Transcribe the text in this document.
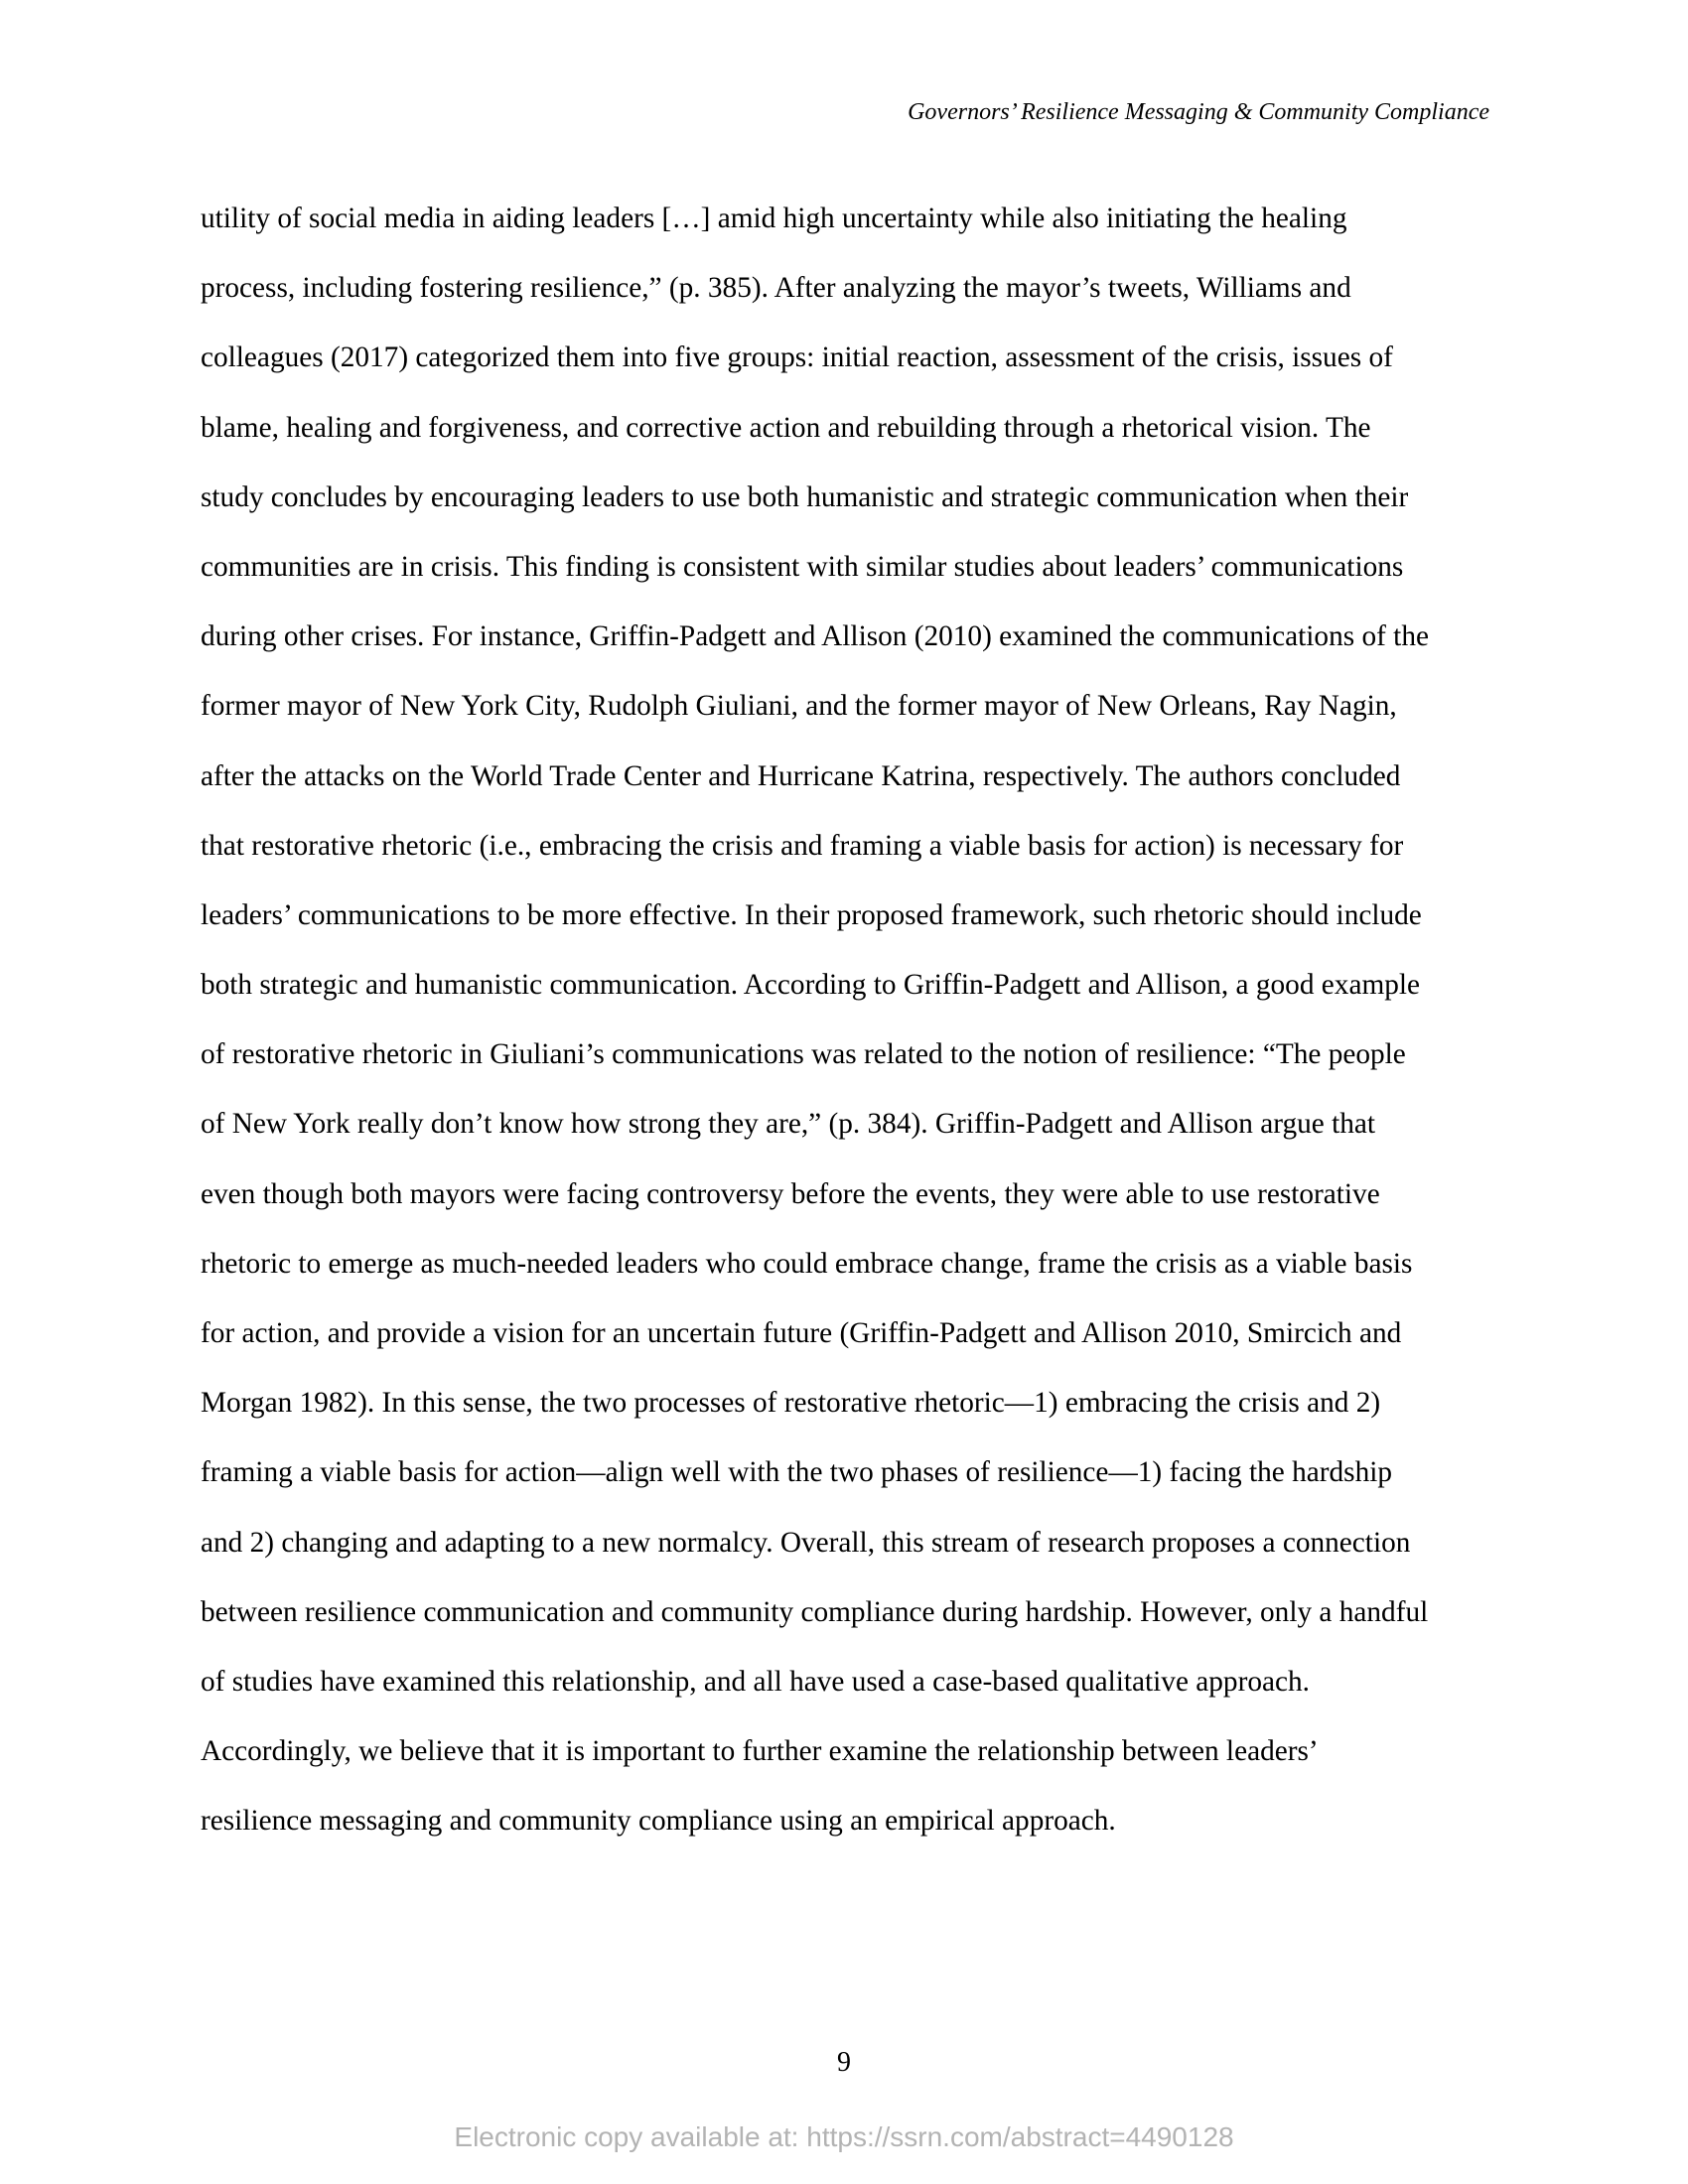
Governors’ Resilience Messaging & Community Compliance
utility of social media in aiding leaders […] amid high uncertainty while also initiating the healing
process, including fostering resilience,” (p. 385). After analyzing the mayor’s tweets, Williams and
colleagues (2017) categorized them into five groups: initial reaction, assessment of the crisis, issues of
blame, healing and forgiveness, and corrective action and rebuilding through a rhetorical vision. The
study concludes by encouraging leaders to use both humanistic and strategic communication when their
communities are in crisis. This finding is consistent with similar studies about leaders’ communications
during other crises. For instance, Griffin-Padgett and Allison (2010) examined the communications of the
former mayor of New York City, Rudolph Giuliani, and the former mayor of New Orleans, Ray Nagin,
after the attacks on the World Trade Center and Hurricane Katrina, respectively. The authors concluded
that restorative rhetoric (i.e., embracing the crisis and framing a viable basis for action) is necessary for
leaders’ communications to be more effective. In their proposed framework, such rhetoric should include
both strategic and humanistic communication. According to Griffin-Padgett and Allison, a good example
of restorative rhetoric in Giuliani’s communications was related to the notion of resilience: “The people
of New York really don’t know how strong they are,” (p. 384). Griffin-Padgett and Allison argue that
even though both mayors were facing controversy before the events, they were able to use restorative
rhetoric to emerge as much-needed leaders who could embrace change, frame the crisis as a viable basis
for action, and provide a vision for an uncertain future (Griffin-Padgett and Allison 2010, Smircich and
Morgan 1982). In this sense, the two processes of restorative rhetoric—1) embracing the crisis and 2)
framing a viable basis for action—align well with the two phases of resilience—1) facing the hardship
and 2) changing and adapting to a new normalcy. Overall, this stream of research proposes a connection
between resilience communication and community compliance during hardship. However, only a handful
of studies have examined this relationship, and all have used a case-based qualitative approach.
Accordingly, we believe that it is important to further examine the relationship between leaders’
resilience messaging and community compliance using an empirical approach.
9
Electronic copy available at: https://ssrn.com/abstract=4490128
